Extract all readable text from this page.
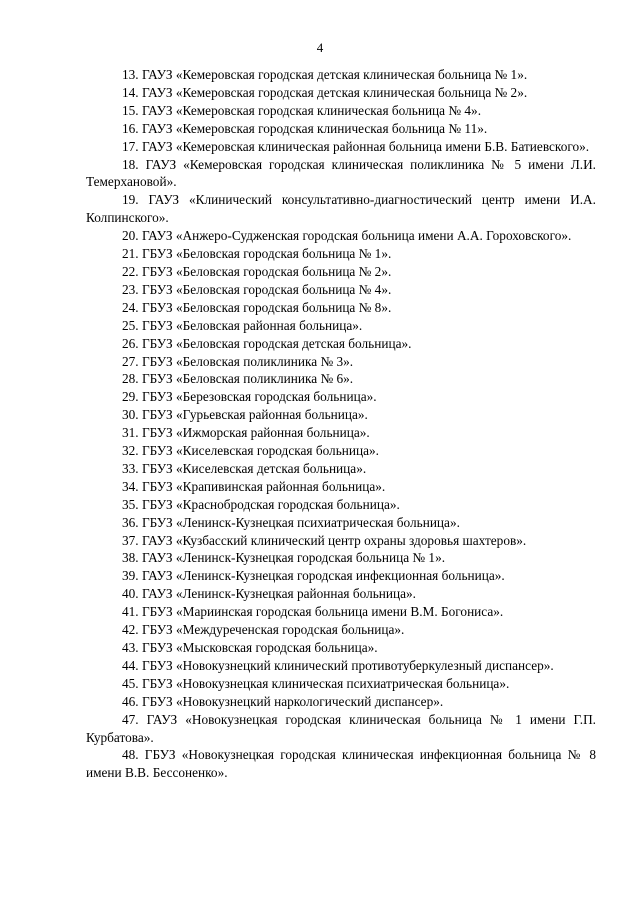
4

13. ГАУЗ «Кемеровская городская детская клиническая больница № 1».

14. ГАУЗ «Кемеровская городская детская клиническая больница № 2».

15. ГАУЗ «Кемеровская городская клиническая больница № 4».

16. ГАУЗ «Кемеровская городская клиническая больница № 11».

17. ГАУЗ «Кемеровская клиническая районная больница имени Б.В. Батиевского».

18. ГАУЗ «Кемеровская городская клиническая поликлиника № 5 имени Л.И. Темерхановой».

19. ГАУЗ «Клинический консультативно-диагностический центр имени И.А. Колпинского».

20. ГАУЗ «Анжеро-Судженская городская больница имени А.А. Гороховского».

21. ГБУЗ «Беловская городская больница № 1».

22. ГБУЗ «Беловская городская больница № 2».

23. ГБУЗ «Беловская городская больница № 4».

24. ГБУЗ «Беловская городская больница № 8».

25. ГБУЗ «Беловская районная больница».

26. ГБУЗ «Беловская городская детская больница».

27. ГБУЗ «Беловская поликлиника № 3».

28. ГБУЗ «Беловская поликлиника № 6».

29. ГБУЗ «Березовская городская больница».

30. ГБУЗ «Гурьевская районная больница».

31. ГБУЗ «Ижморская районная больница».

32. ГБУЗ «Киселевская городская больница».

33. ГБУЗ «Киселевская детская больница».

34. ГБУЗ «Крапивинская районная больница».

35. ГБУЗ «Краснобродская городская больница».

36. ГБУЗ «Ленинск-Кузнецкая психиатрическая больница».

37. ГАУЗ «Кузбасский клинический центр охраны здоровья шахтеров».

38. ГАУЗ «Ленинск-Кузнецкая городская больница № 1».

39. ГАУЗ «Ленинск-Кузнецкая городская инфекционная больница».

40. ГАУЗ «Ленинск-Кузнецкая районная больница».

41. ГБУЗ «Мариинская городская больница имени В.М. Богониса».

42. ГБУЗ «Междуреченская городская больница».

43. ГБУЗ «Мысковская городская больница».

44. ГБУЗ «Новокузнецкий клинический противотуберкулезный диспансер».

45. ГБУЗ «Новокузнецкая клиническая психиатрическая больница».

46. ГБУЗ «Новокузнецкий наркологический диспансер».

47. ГАУЗ «Новокузнецкая городская клиническая больница № 1 имени Г.П. Курбатова».

48. ГБУЗ «Новокузнецкая городская клиническая инфекционная больница № 8 имени В.В. Бессоненко».
